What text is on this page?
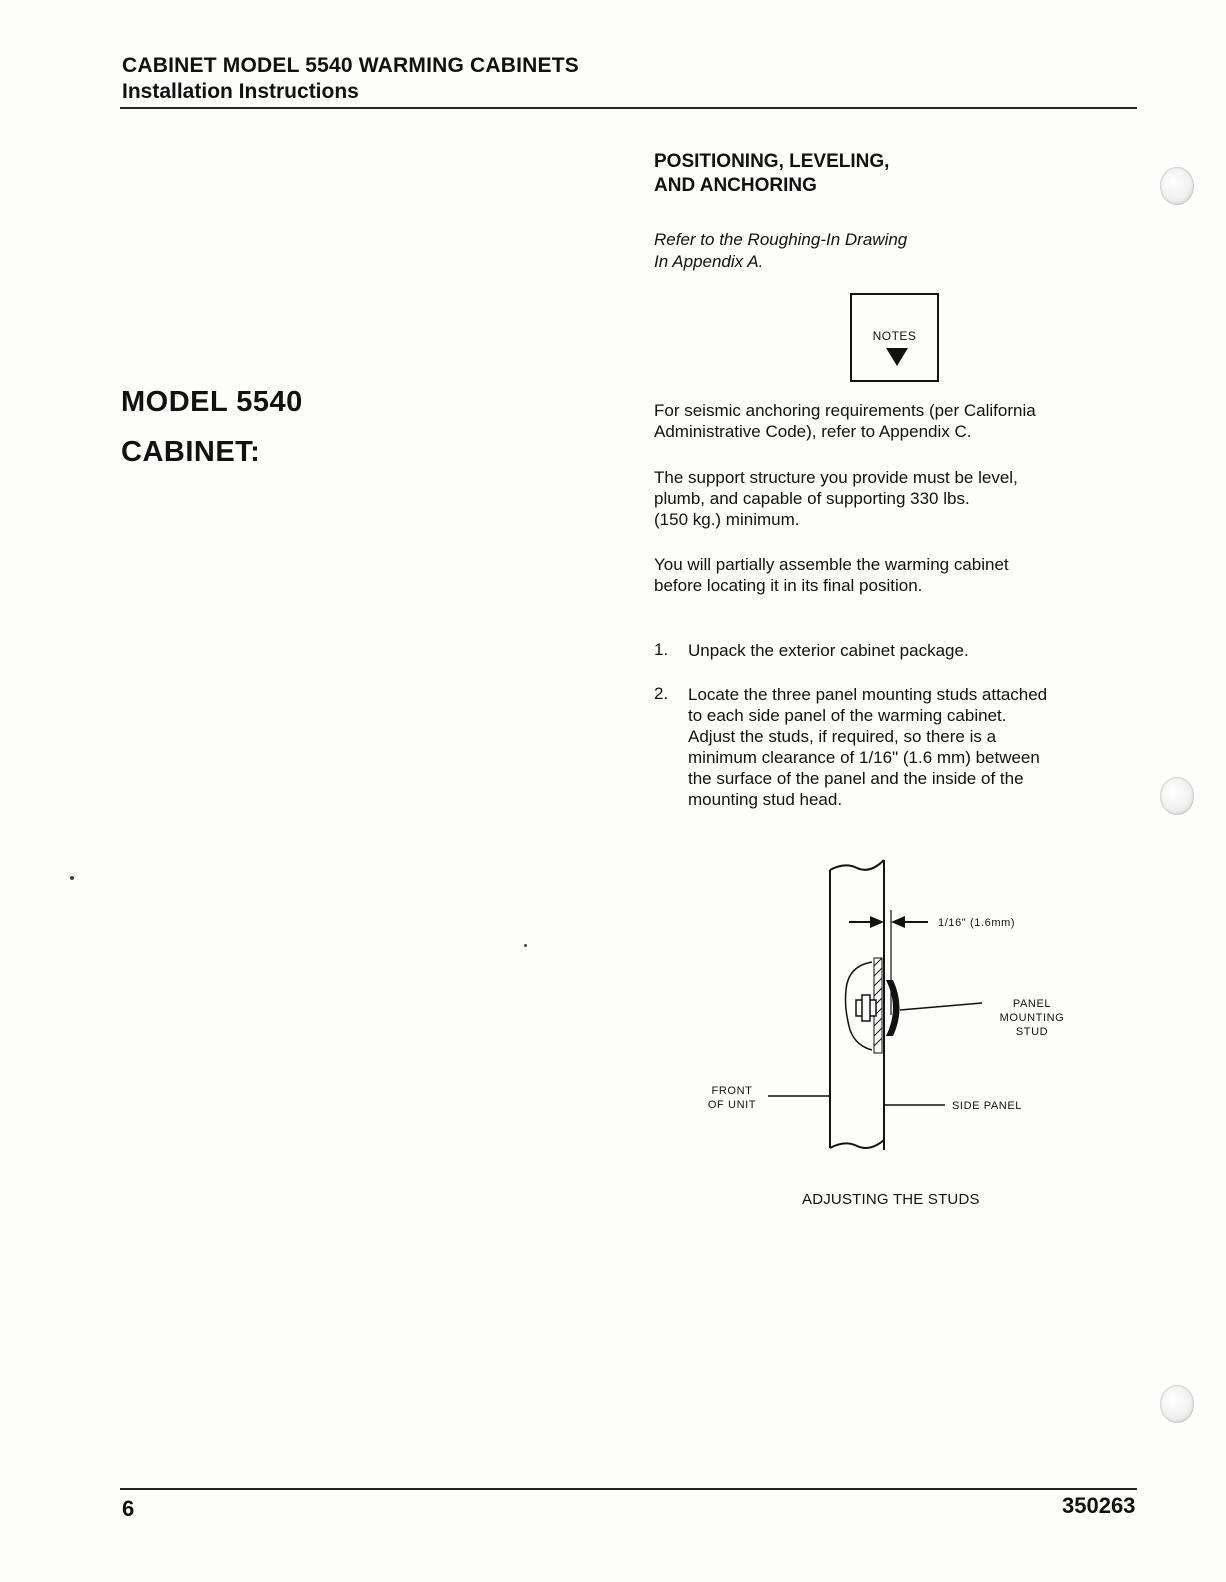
CABINET MODEL 5540 WARMING CABINETS
Installation Instructions
MODEL 5540
CABINET:
POSITIONING, LEVELING,
AND ANCHORING
Refer to the Roughing-In Drawing
In Appendix A.
NOTES
For seismic anchoring requirements (per California
Administrative Code), refer to Appendix C.
The support structure you provide must be level,
plumb, and capable of supporting 330 lbs.
(150 kg.) minimum.
You will partially assemble the warming cabinet
before locating it in its final position.
1. Unpack the exterior cabinet package.
2. Locate the three panel mounting studs attached
to each side panel of the warming cabinet.
Adjust the studs, if required, so there is a
minimum clearance of 1/16" (1.6 mm) between
the surface of the panel and the inside of the
mounting stud head.
1/16" (1.6mm)
PANEL
MOUNTING
STUD
FRONT
OF UNIT	SIDE PANEL
ADJUSTING THE STUDS
6	350263
